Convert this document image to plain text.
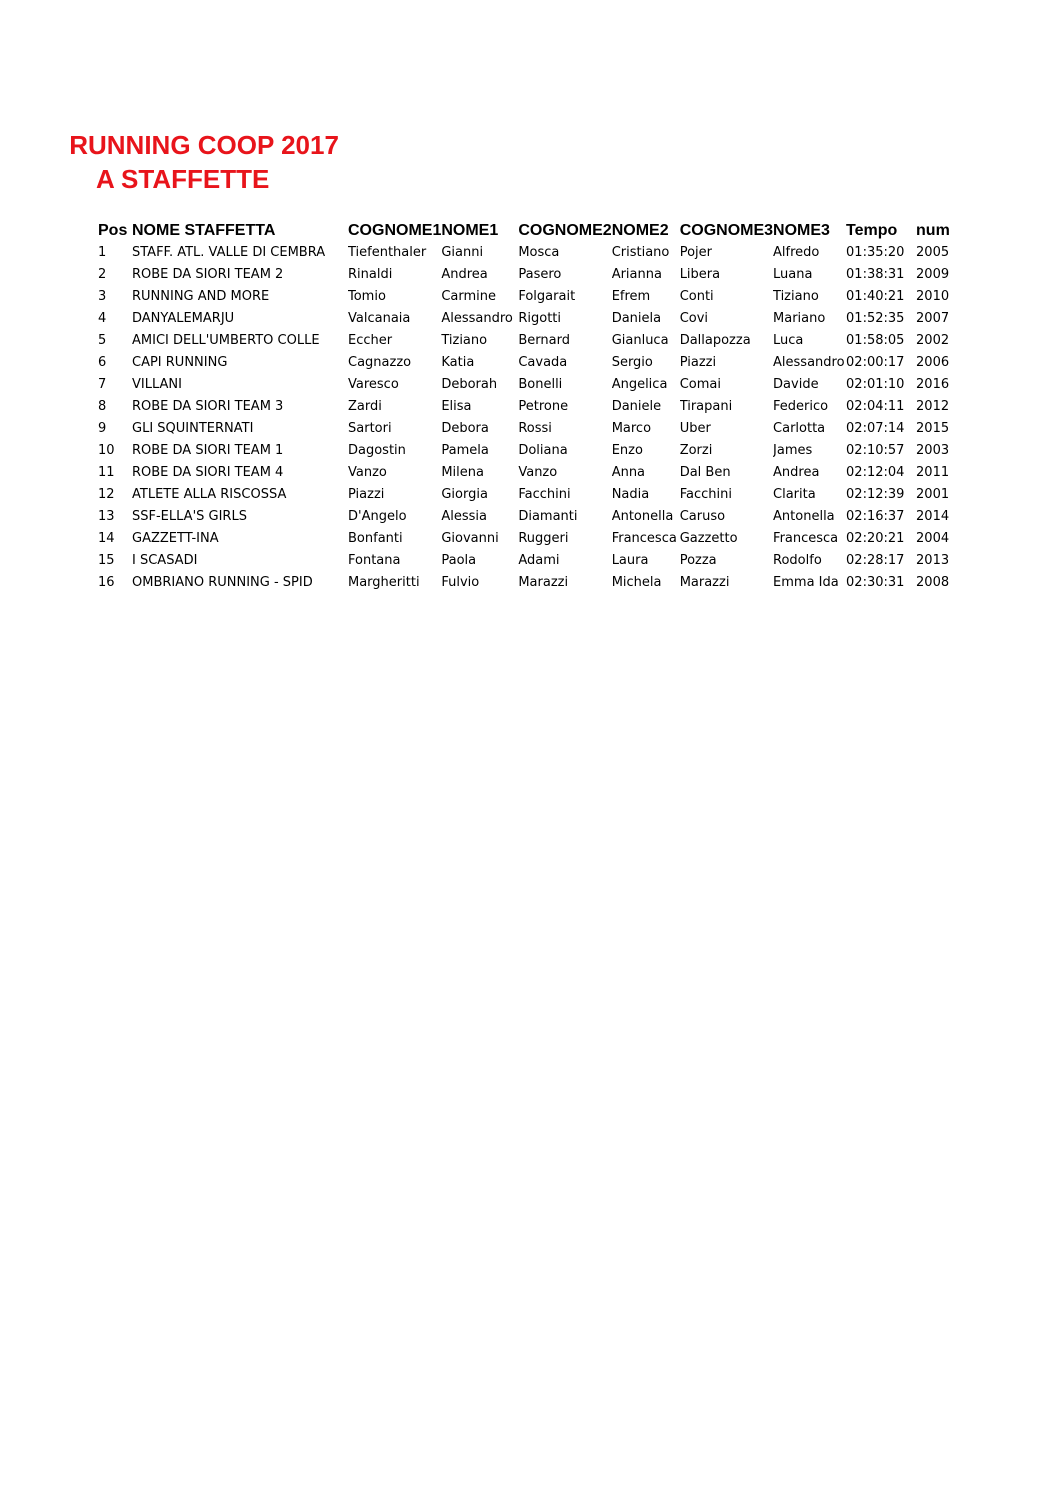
RUNNING COOP 2017
A STAFFETTE
Pos	NOME STAFFETTA	COGNOME1	NOME1	COGNOME2	NOME2	COGNOME3	NOME3	Tempo	num
1	STAFF. ATL. VALLE DI CEMBRA	Tiefenthaler	Gianni	Mosca	Cristiano	Pojer	Alfredo	01:35:20	2005
2	ROBE DA SIORI TEAM 2	Rinaldi	Andrea	Pasero	Arianna	Libera	Luana	01:38:31	2009
3	RUNNING AND MORE	Tomio	Carmine	Folgarait	Efrem	Conti	Tiziano	01:40:21	2010
4	DANYALEMARJU	Valcanaia	Alessandro	Rigotti	Daniela	Covi	Mariano	01:52:35	2007
5	AMICI DELL'UMBERTO COLLE	Eccher	Tiziano	Bernard	Gianluca	Dallapozza	Luca	01:58:05	2002
6	CAPI RUNNING	Cagnazzo	Katia	Cavada	Sergio	Piazzi	Alessandro	02:00:17	2006
7	VILLANI	Varesco	Deborah	Bonelli	Angelica	Comai	Davide	02:01:10	2016
8	ROBE DA SIORI TEAM 3	Zardi	Elisa	Petrone	Daniele	Tirapani	Federico	02:04:11	2012
9	GLI SQUINTERNATI	Sartori	Debora	Rossi	Marco	Uber	Carlotta	02:07:14	2015
10	ROBE DA SIORI TEAM 1	Dagostin	Pamela	Doliana	Enzo	Zorzi	James	02:10:57	2003
11	ROBE DA SIORI TEAM 4	Vanzo	Milena	Vanzo	Anna	Dal Ben	Andrea	02:12:04	2011
12	ATLETE ALLA RISCOSSA	Piazzi	Giorgia	Facchini	Nadia	Facchini	Clarita	02:12:39	2001
13	SSF-ELLA'S GIRLS	D'Angelo	Alessia	Diamanti	Antonella	Caruso	Antonella	02:16:37	2014
14	GAZZETT-INA	Bonfanti	Giovanni	Ruggeri	Francesca	Gazzetto	Francesca	02:20:21	2004
15	I SCASADI	Fontana	Paola	Adami	Laura	Pozza	Rodolfo	02:28:17	2013
16	OMBRIANO RUNNING - SPID	Margheritti	Fulvio	Marazzi	Michela	Marazzi	Emma Ida	02:30:31	2008
